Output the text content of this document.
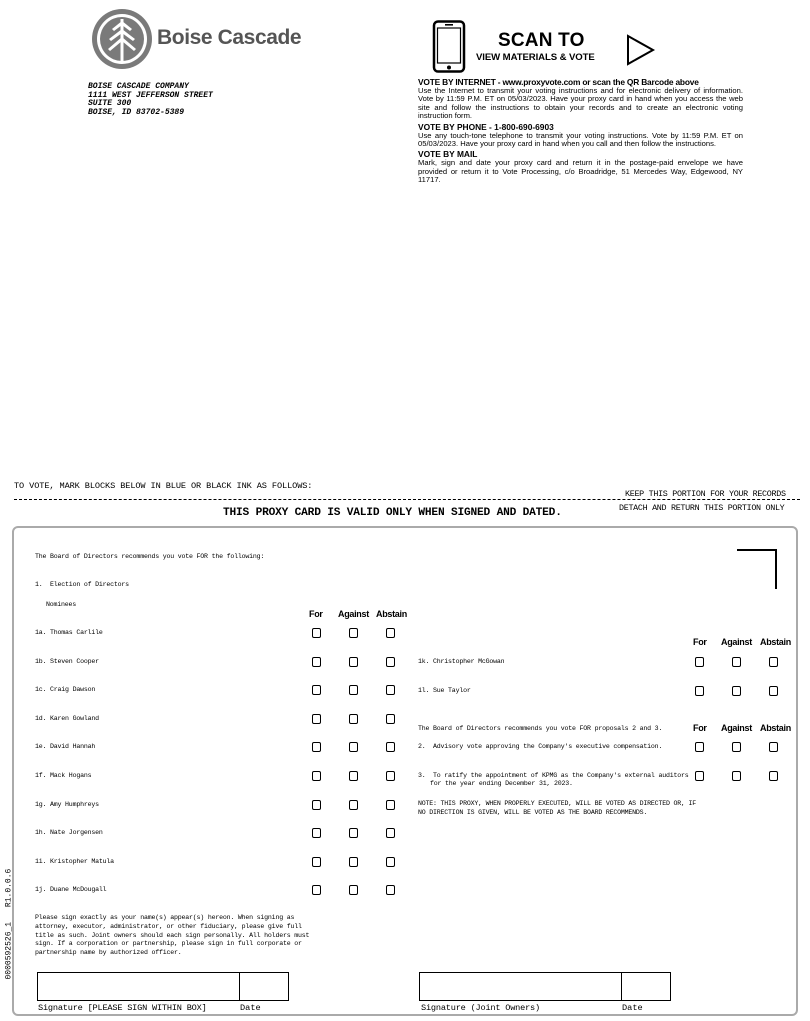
Boise Cascade
BOISE CASCADE COMPANY
1111 WEST JEFFERSON STREET
SUITE 300
BOISE, ID 83702-5389
SCAN TO
VIEW MATERIALS & VOTE
VOTE BY INTERNET - www.proxyvote.com or scan the QR Barcode above
Use the Internet to transmit your voting instructions and for electronic delivery of information. Vote by 11:59 P.M. ET on 05/03/2023. Have your proxy card in hand when you access the web site and follow the instructions to obtain your records and to create an electronic voting instruction form.
VOTE BY PHONE - 1-800-690-6903
Use any touch-tone telephone to transmit your voting instructions. Vote by 11:59 P.M. ET on 05/03/2023. Have your proxy card in hand when you call and then follow the instructions.
VOTE BY MAIL
Mark, sign and date your proxy card and return it in the postage-paid envelope we have provided or return it to Vote Processing, c/o Broadridge, 51 Mercedes Way, Edgewood, NY 11717.
TO VOTE, MARK BLOCKS BELOW IN BLUE OR BLACK INK AS FOLLOWS:
KEEP THIS PORTION FOR YOUR RECORDS
DETACH AND RETURN THIS PORTION ONLY
THIS PROXY CARD IS VALID ONLY WHEN SIGNED AND DATED.
The Board of Directors recommends you vote FOR the following:
1.  Election of Directors
Nominees
For Against Abstain
1a. Thomas Carlile
1b. Steven Cooper
1c. Craig Dawson
1d. Karen Gowland
1e. David Hannah
1f. Mack Hogans
1g. Amy Humphreys
1h. Nate Jorgensen
1i. Kristopher Matula
1j. Duane McDougall
For Against Abstain
1k. Christopher McGowan
1l. Sue Taylor
The Board of Directors recommends you vote FOR proposals 2 and 3.	For Against Abstain
2.  Advisory vote approving the Company's executive compensation.
3.  To ratify the appointment of KPMG as the Company's external auditors
for the year ending December 31, 2023.
NOTE: THIS PROXY, WHEN PROPERLY EXECUTED, WILL BE VOTED AS DIRECTED OR, IF
NO DIRECTION IS GIVEN, WILL BE VOTED AS THE BOARD RECOMMENDS.
Please sign exactly as your name(s) appear(s) hereon. When signing as
attorney, executor, administrator, or other fiduciary, please give full
title as such. Joint owners should each sign personally. All holders must
sign. If a corporation or partnership, please sign in full corporate or
partnership name by authorized officer.
Signature [PLEASE SIGN WITHIN BOX]	Date	Signature (Joint Owners)	Date
0000592526_1 R1.0.0.6
